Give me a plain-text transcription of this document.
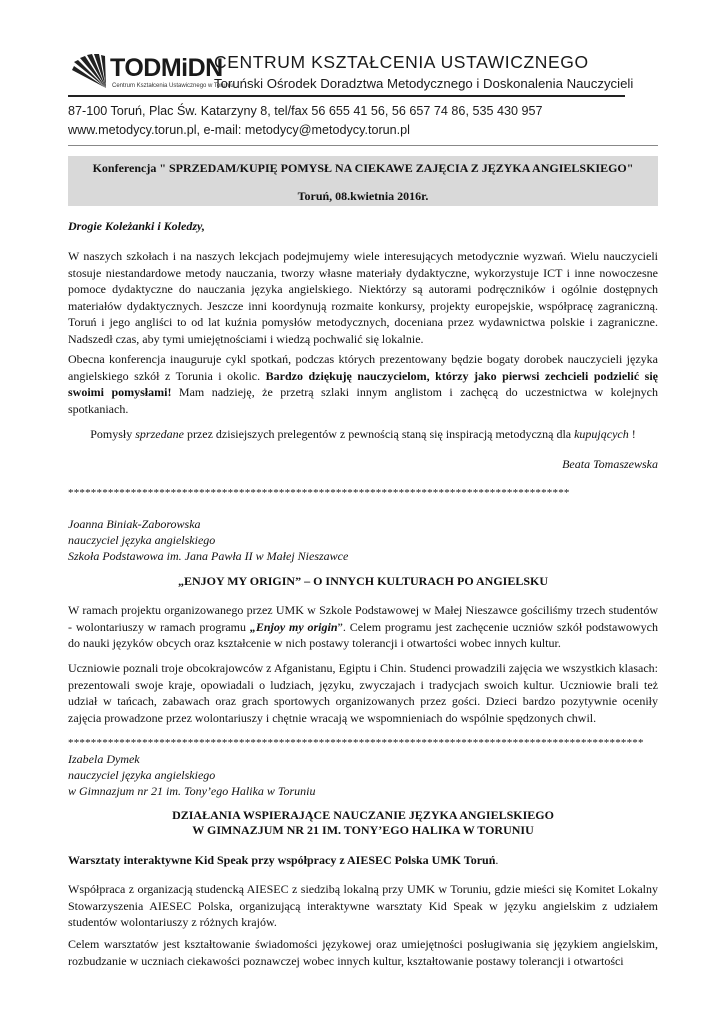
TODMiDN
Centrum Kształcenia Ustawicznego w Toruniu
CENTRUM KSZTAŁCENIA USTAWICZNEGO
Toruński Ośrodek Doradztwa Metodycznego i Doskonalenia Nauczycieli
87-100 Toruń, Plac Św. Katarzyny 8, tel/fax 56 655 41 56, 56 657 74 86, 535 430 957
www.metodycy.torun.pl, e-mail: metodycy@metodycy.torun.pl
Konferencja " SPRZEDAM/KUPIĘ POMYSŁ NA CIEKAWE ZAJĘCIA Z JĘZYKA ANGIELSKIEGO"
Toruń, 08.kwietnia 2016r.
Drogie Koleżanki i Koledzy,
W naszych szkołach i na naszych lekcjach podejmujemy wiele interesujących metodycznie wyzwań. Wielu nauczycieli stosuje niestandardowe metody nauczania, tworzy własne materiały dydaktyczne, wykorzystuje ICT i inne nowoczesne pomoce dydaktyczne do nauczania języka angielskiego. Niektórzy są autorami podręczników i ogólnie dostępnych materiałów dydaktycznych. Jeszcze inni koordynują rozmaite konkursy, projekty europejskie, współpracę zagraniczną. Toruń i jego angliści to od lat kuźnia pomysłów metodycznych, doceniana przez wydawnictwa polskie i zagraniczne. Nadszedł czas, aby tymi umiejętnościami i wiedzą pochwalić się lokalnie.
Obecna konferencja inauguruje cykl spotkań, podczas których prezentowany będzie bogaty dorobek nauczycieli języka angielskiego szkół z Torunia i okolic. Bardzo dziękuję nauczycielom, którzy jako pierwsi zechcieli podzielić się swoimi pomysłami! Mam nadzieję, że przetrą szlaki innym anglistom i zachęcą do uczestnictwa w kolejnych spotkaniach.
Pomysły sprzedane przez dzisiejszych prelegentów z pewnością staną się inspiracją metodyczną dla kupujących !
Beata Tomaszewska
****************************************************************************************
Joanna Biniak-Zaborowska
nauczyciel języka angielskiego
Szkoła Podstawowa im. Jana Pawła II w Małej Nieszawce
„ENJOY MY ORIGIN” – O INNYCH KULTURACH PO ANGIELSKU
W ramach projektu organizowanego przez UMK w Szkole Podstawowej w Małej Nieszawce gościliśmy trzech studentów - wolontariuszy w ramach programu „Enjoy my origin”. Celem programu jest zachęcenie uczniów szkół podstawowych do nauki języków obcych oraz kształcenie w nich postawy tolerancji i otwartości wobec innych kultur.
Uczniowie poznali troje obcokrajowców z Afganistanu, Egiptu i Chin. Studenci prowadzili zajęcia we wszystkich klasach: prezentowali swoje kraje, opowiadali o ludziach, języku, zwyczajach i tradycjach swoich kultur. Uczniowie brali też udział w tańcach, zabawach oraz grach sportowych organizowanych przez gości. Dzieci bardzo pozytywnie oceniły zajęcia prowadzone przez wolontariuszy i chętnie wracają we wspomnieniach do wspólnie spędzonych chwil.
*****************************************************************************************************
Izabela Dymek
nauczyciel języka angielskiego
w Gimnazjum nr 21 im. Tony’ego Halika w Toruniu
DZIAŁANIA WSPIERAJĄCE NAUCZANIE JĘZYKA ANGIELSKIEGO
W GIMNAZJUM NR 21 IM. TONY’EGO HALIKA W TORUNIU
Warsztaty interaktywne Kid Speak przy współpracy z AIESEC Polska UMK Toruń.
Współpraca z organizacją studencką AIESEC z siedzibą lokalną przy UMK w Toruniu, gdzie mieści się Komitet Lokalny Stowarzyszenia AIESEC Polska, organizującą interaktywne warsztaty Kid Speak w języku angielskim z udziałem studentów wolontariuszy z różnych krajów.
Celem warsztatów jest kształtowanie świadomości językowej oraz umiejętności posługiwania się językiem angielskim, rozbudzanie w uczniach ciekawości poznawczej wobec innych kultur, kształtowanie postawy tolerancji i otwartości
